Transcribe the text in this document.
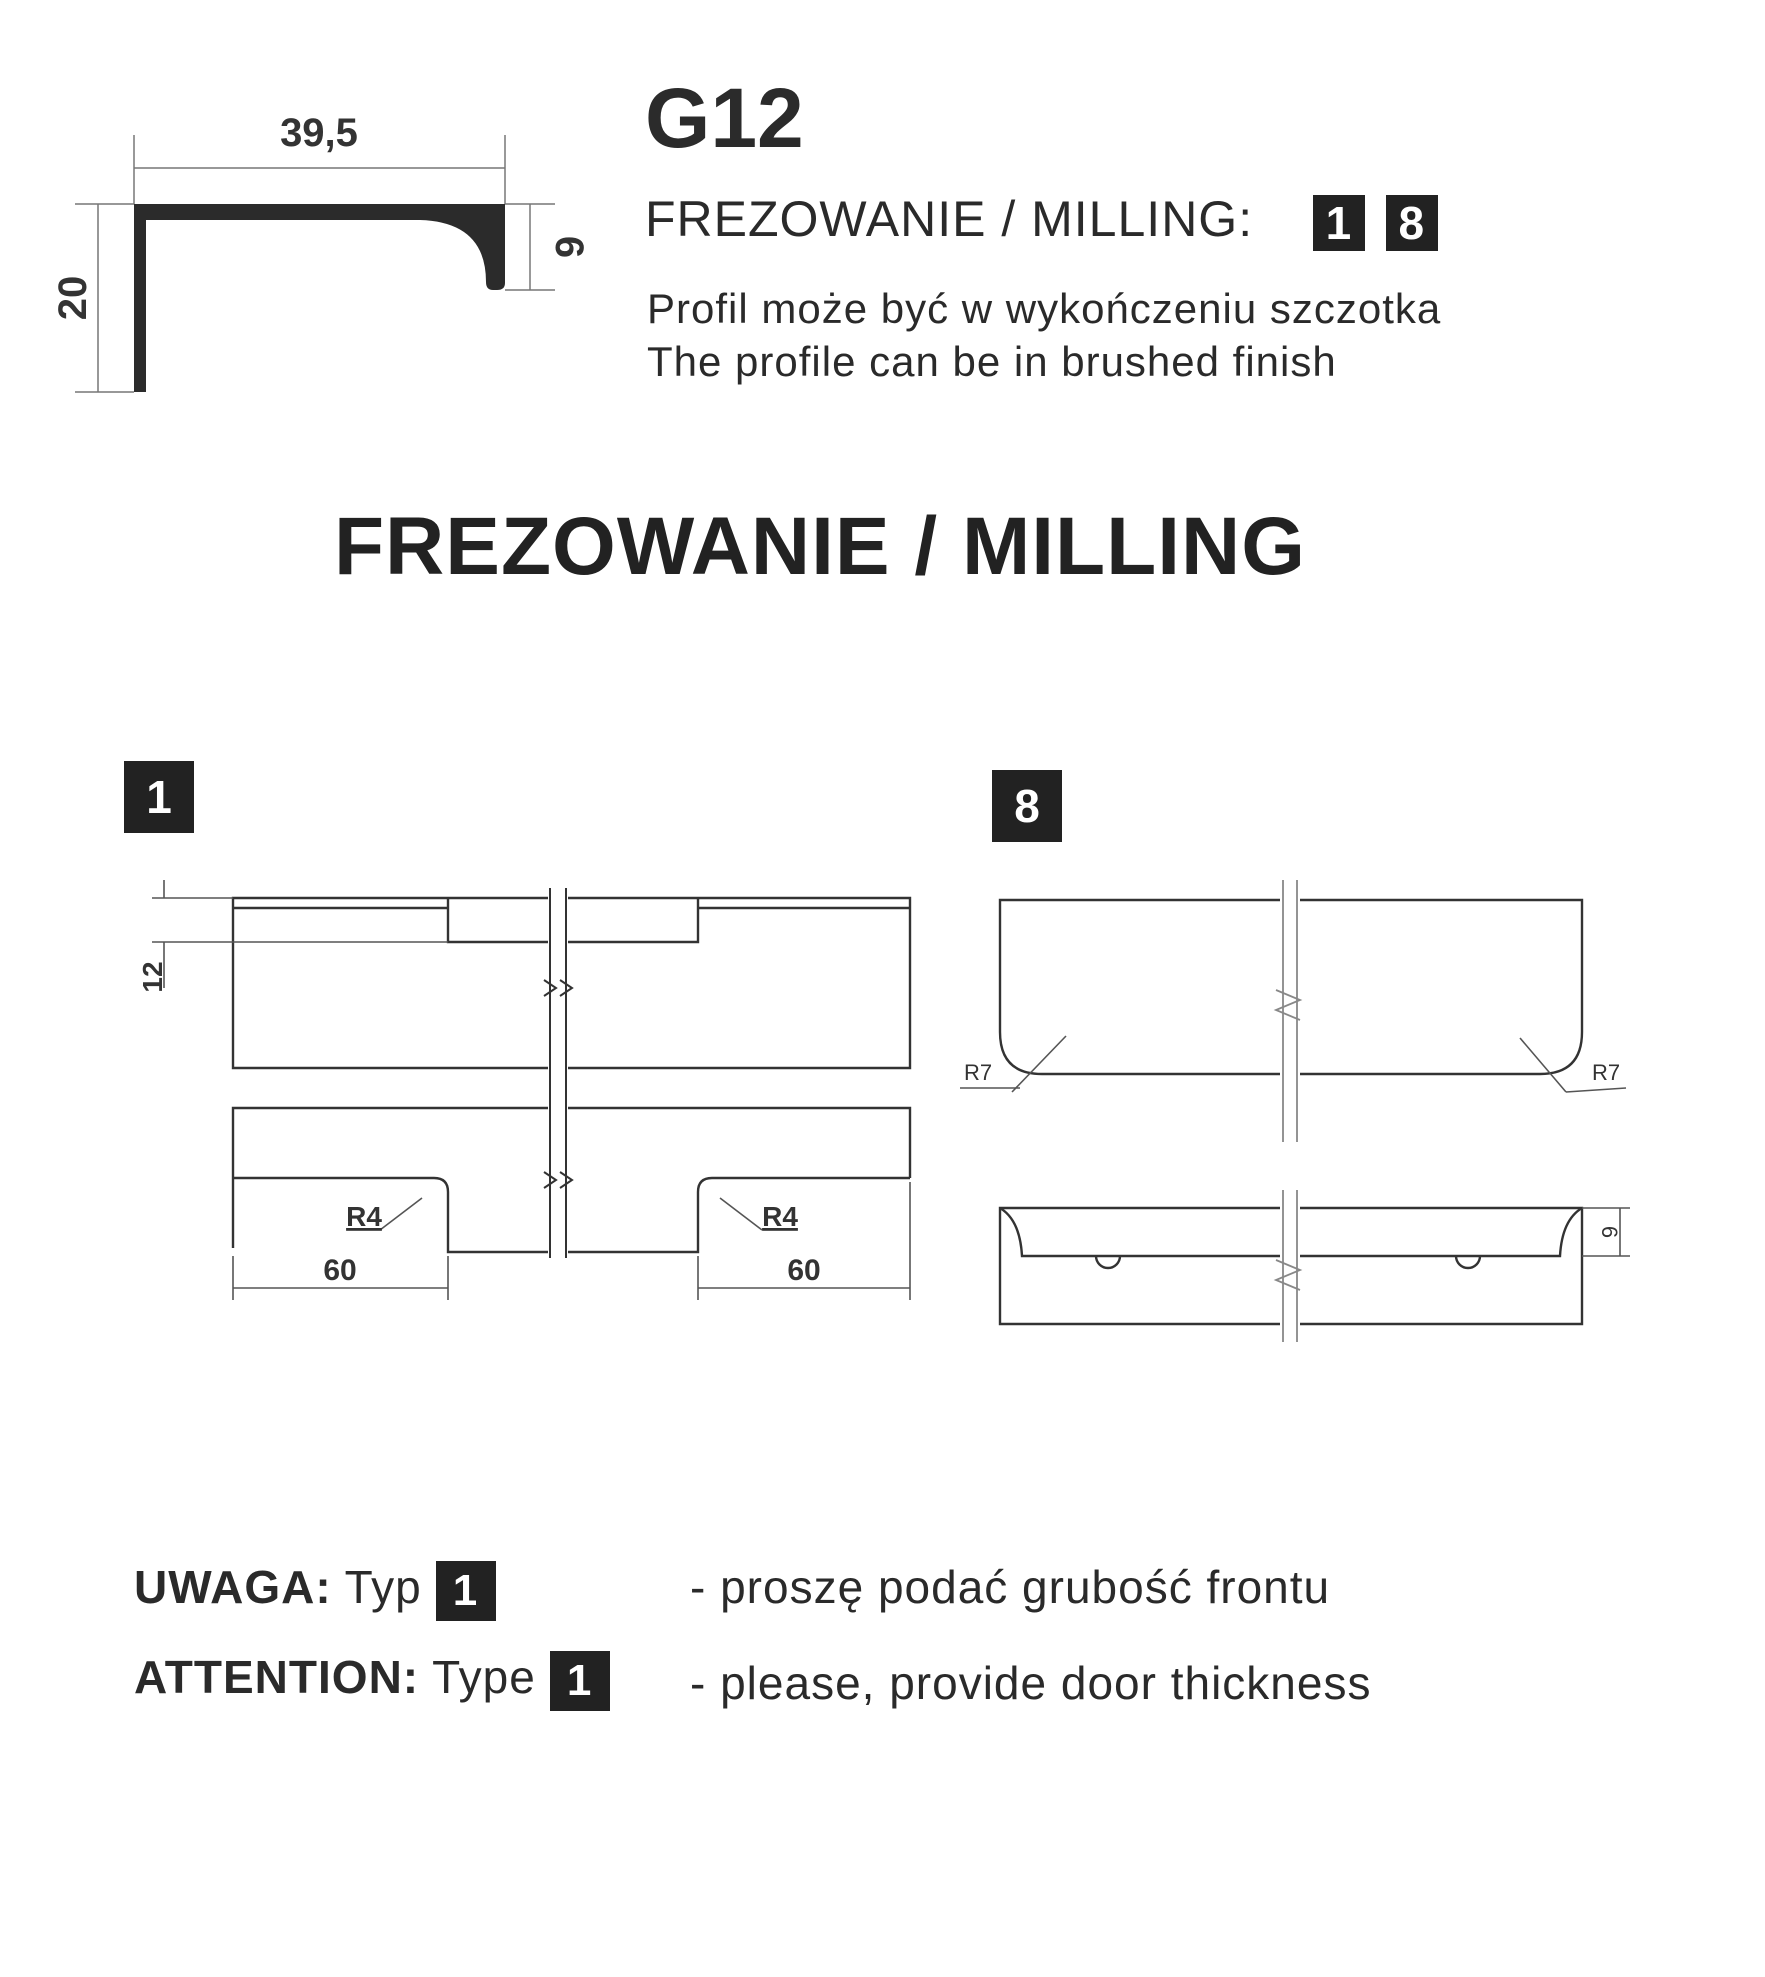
39,5
20
6
G12
FREZOWANIE / MILLING: 1 8
Profil może być w wykończeniu szczotka
The profile can be in brushed finish
FREZOWANIE / MILLING
1
12
R4	R4
60	60
8
R7	R7
6
UWAGA: Typ 1	- proszę podać grubość frontu
ATTENTION: Type 1	- please, provide door thickness
